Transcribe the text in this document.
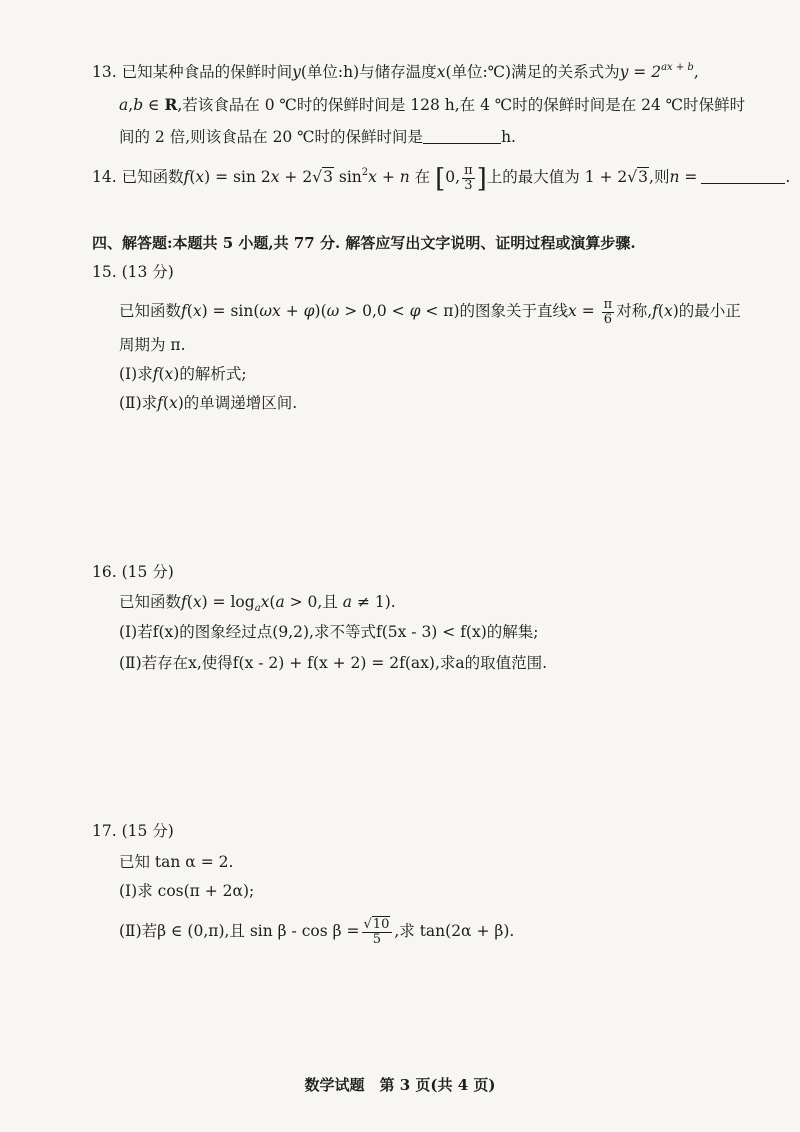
13. 已知某种食品的保鲜时间y(单位:h)与储存温度x(单位:℃)满足的关系式为$y = 2^{ax + b}$,
a,b ∈ R,若该食品在 0 ℃时的保鲜时间是 128 h,在 4 ℃时的保鲜时间是在 24 ℃时保鲜时
间的 2 倍,则该食品在 20 ℃时的保鲜时间是	h.
14. 已知函数f(x) = sin 2x + 2√3 $\sin^2x + n$ 在 [0, $\frac{\pi}{3}$ ]上的最大值为 1 + 2√3,则n =	.
四、解答题:本题共 5 小题,共 77 分. 解答应写出文字说明、证明过程或演算步骤.
15. (13 分)
已知函数f(x) = sin(ωx + φ)(ω > 0,0 < φ < π)的图象关于直线$x = \frac{\pi}{6}$ 对称,f(x)的最小正
周期为 π.
(Ⅰ)求f(x)的解析式;
(Ⅱ)求f(x)的单调递增区间.
16. (15 分)
已知函数$f(x) = \log_ax(a > 0$,且 a ≠ 1).
(Ⅰ)若f(x)的图象经过点(9,2),求不等式f(5x - 3) < f(x)的解集;
(Ⅱ)若存在x,使得f(x - 2) + f(x + 2) = 2f(ax),求a的取值范围.
17. (15 分)
已知 tan α = 2.
(Ⅰ)求 cos(π + 2α);
(Ⅱ)若β ∈ (0,π),且 $\sin \beta - \cos \beta = \frac{√10}{5}$ ,求 tan(2α + β).
数学试题　第 3 页(共 4 页)
